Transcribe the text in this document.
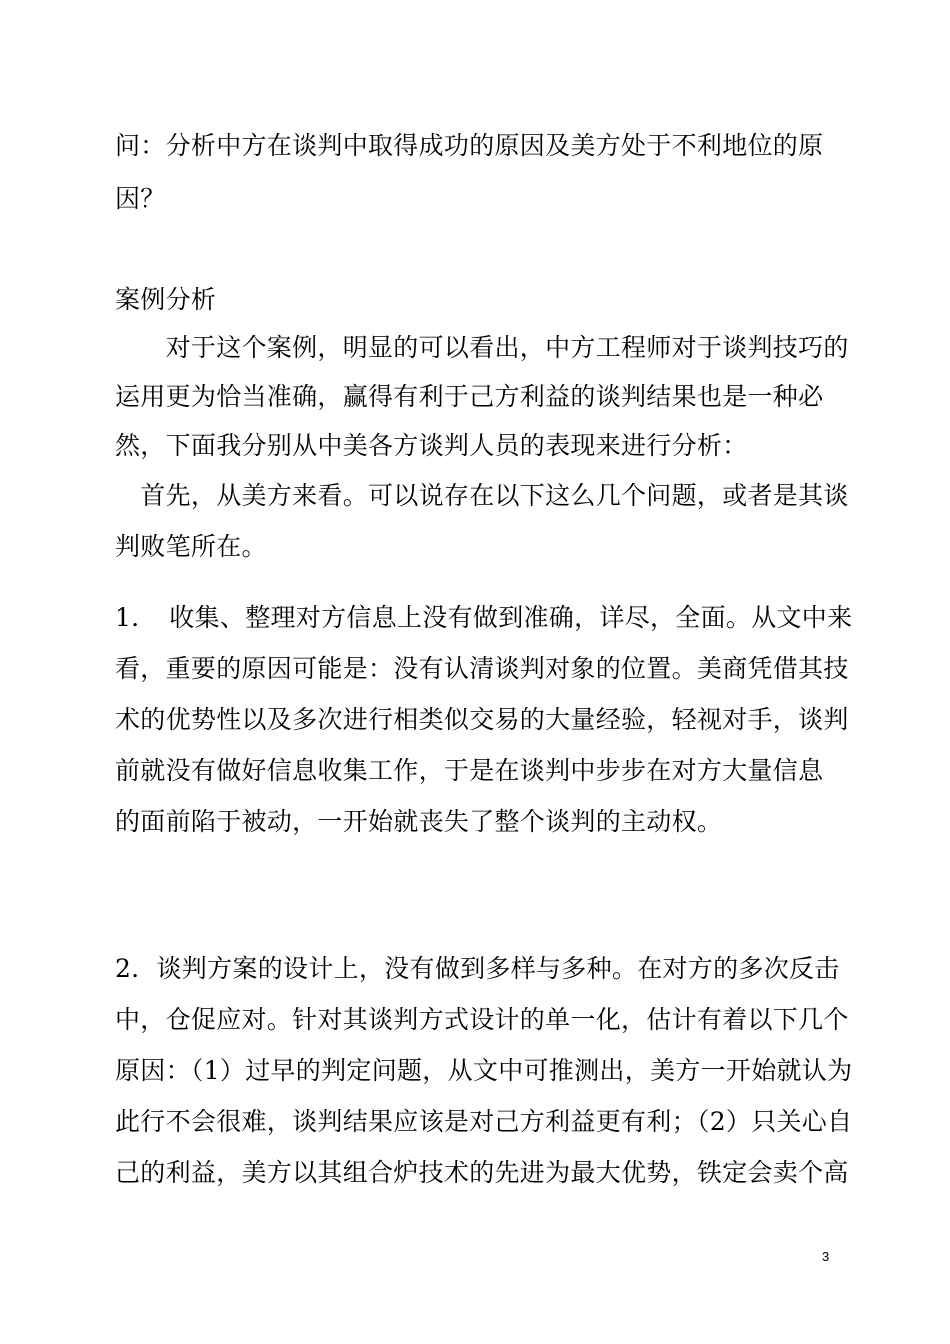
问：分析中方在谈判中取得成功的原因及美方处于不利地位的原
因？
案例分析
　　对于这个案例，明显的可以看出，中方工程师对于谈判技巧的
运用更为恰当准确，赢得有利于己方利益的谈判结果也是一种必
然，下面我分别从中美各方谈判人员的表现来进行分析：
　首先，从美方来看。可以说存在以下这么几个问题，或者是其谈
判败笔所在。
1．　收集、整理对方信息上没有做到准确，详尽，全面。从文中来
看，重要的原因可能是：没有认清谈判对象的位置。美商凭借其技
术的优势性以及多次进行相类似交易的大量经验，轻视对手，谈判
前就没有做好信息收集工作，于是在谈判中步步在对方大量信息
的面前陷于被动，一开始就丧失了整个谈判的主动权。
2．谈判方案的设计上，没有做到多样与多种。在对方的多次反击
中，仓促应对。针对其谈判方式设计的单一化，估计有着以下几个
原因：（1）过早的判定问题，从文中可推测出，美方一开始就认为
此行不会很难，谈判结果应该是对己方利益更有利；（2）只关心自
己的利益，美方以其组合炉技术的先进为最大优势，铁定会卖个高
3
